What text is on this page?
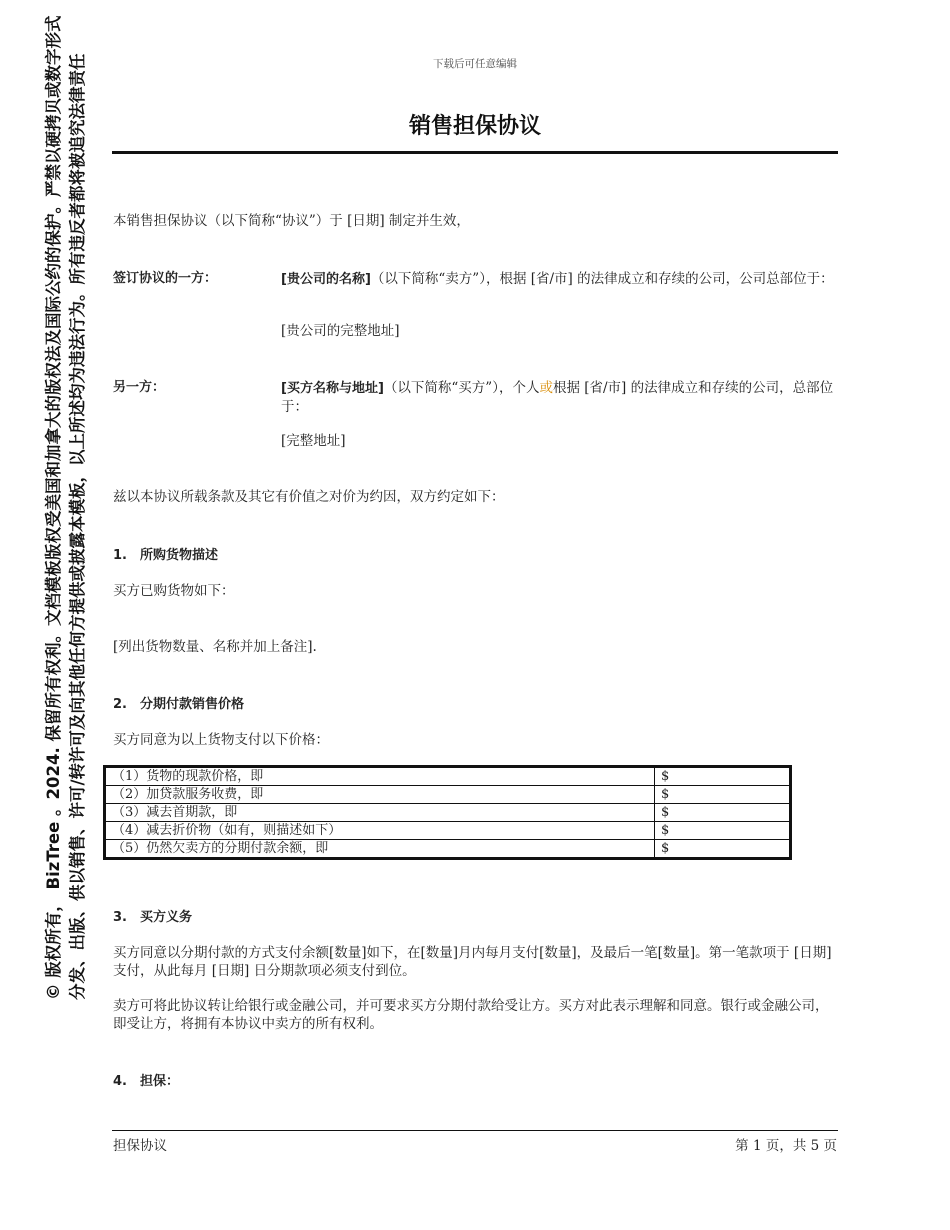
© 版权所有， BizTree 。2024. 保留所有权利。文档模板版权受美国和加拿大的版权法及国际公约的保护。严禁以硬拷贝或数字形式分发、出版、供以销售、许可/转许可及向其他任何方提供或披露本模板，以上所述均为违法行为。所有违反者都将被追究法律责任	下载后可任意编辑
销售担保协议
本销售担保协议（以下简称“协议”）于 [日期] 制定并生效，
签订协议的一方：	[贵公司的名称]（以下简称“卖方”），根据 [省/市] 的法律成立和存续的公司，公司总部位于：
[贵公司的完整地址]
另一方：	[买方名称与地址]（以下简称“买方”），个人或根据 [省/市] 的法律成立和存续的公司，总部位于：
[完整地址]
兹以本协议所载条款及其它有价值之对价为约因，双方约定如下：
1. 所购货物描述
买方已购货物如下：
[列出货物数量、名称并加上备注].
2. 分期付款销售价格
买方同意为以上货物支付以下价格：
（1）货物的现款价格，即	$
（2）加贷款服务收费，即	$
（3）减去首期款，即	$
（4）减去折价物（如有，则描述如下）	$
（5）仍然欠卖方的分期付款余额，即	$
3. 买方义务
买方同意以分期付款的方式支付余额[数量]如下，在[数量]月内每月支付[数量]，及最后一笔[数量]。第一笔款项于 [日期] 支付，从此每月 [日期] 日分期款项必须支付到位。
卖方可将此协议转让给银行或金融公司，并可要求买方分期付款给受让方。买方对此表示理解和同意。银行或金融公司，即受让方，将拥有本协议中卖方的所有权利。
4. 担保：
担保协议	第 1 页，共 5 页
